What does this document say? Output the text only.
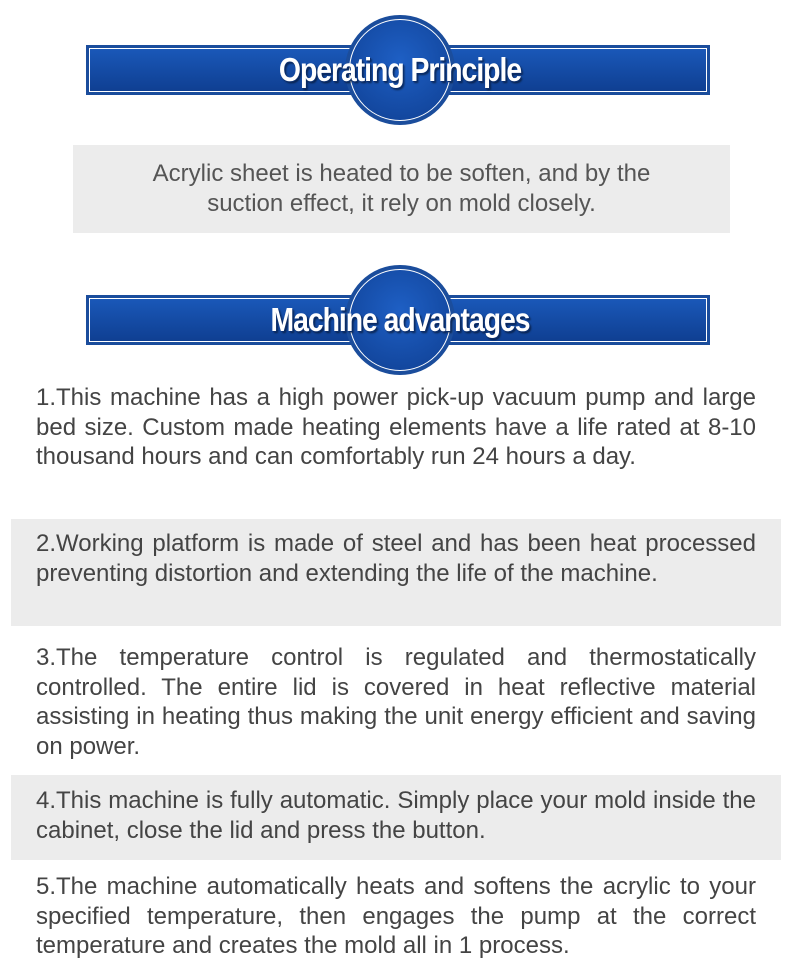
Operating Principle
Acrylic sheet is heated to be soften, and by the
suction effect, it rely on mold closely.
Machine advantages
1.This machine has a high power pick-up vacuum pump and large bed size. Custom made heating elements have a life rated at 8-10 thousand hours and can comfortably run 24 hours a day.
2.Working platform is made of steel and has been heat processed preventing distortion and extending the life of the machine.
3.The temperature control is regulated and thermostatically controlled. The entire lid is covered in heat reflective material assisting in heating thus making the unit energy efficient and saving on power.
4.This machine is fully automatic. Simply place your mold inside the cabinet, close the lid and press the button.
5.The machine automatically heats and softens the acrylic to your specified temperature, then engages the pump at the correct temperature and creates the mold all in 1 process.
